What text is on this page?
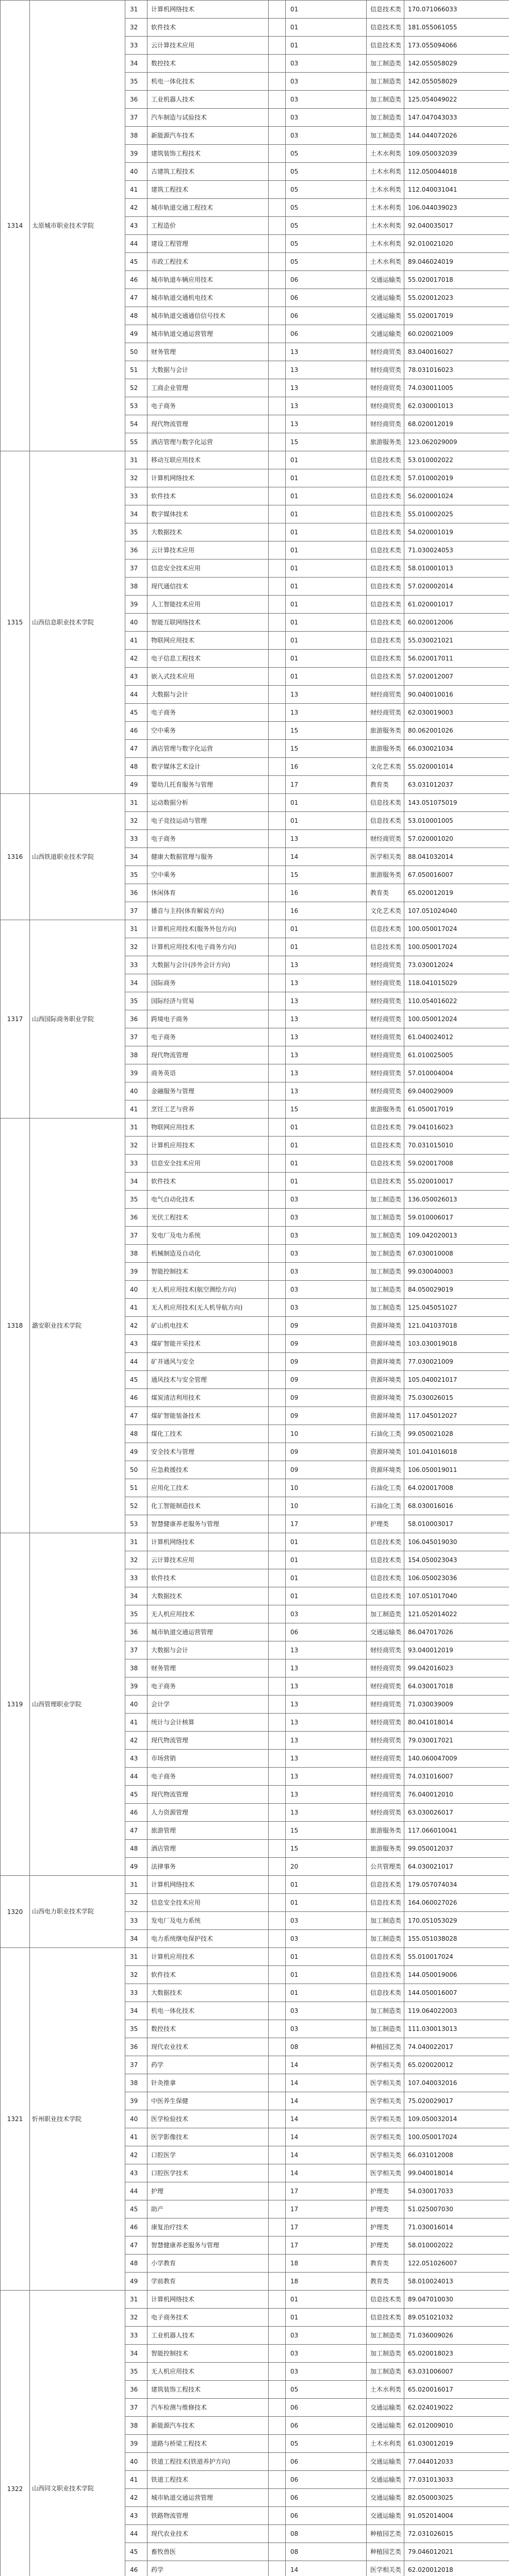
1314	太原城市职业技术学院	31	计算机网络技术		01	信息技术类	170.071066033
		32	软件技术		01	信息技术类	181.055061055
		33	云计算技术应用		01	信息技术类	173.055094066
		34	数控技术		03	加工制造类	142.055058029
		35	机电一体化技术		03	加工制造类	142.055058029
		36	工业机器人技术		03	加工制造类	125.054049022
		37	汽车制造与试验技术		03	加工制造类	147.047043033
		38	新能源汽车技术		03	加工制造类	144.044072026
		39	建筑装饰工程技术		05	土木水利类	109.050032039
		40	古建筑工程技术		05	土木水利类	112.050044018
		41	建筑工程技术		05	土木水利类	112.040031041
		42	城市轨道交通工程技术		05	土木水利类	106.044039023
		43	工程造价		05	土木水利类	92.040035017
		44	建设工程管理		05	土木水利类	92.010021020
		45	市政工程技术		05	土木水利类	89.046024019
		46	城市轨道车辆应用技术		06	交通运输类	55.020017018
		47	城市轨道交通机电技术		06	交通运输类	55.020012023
		48	城市轨道交通通信信号技术		06	交通运输类	55.020017019
		49	城市轨道交通运营管理		06	交通运输类	60.020021009
		50	财务管理		13	财经商贸类	83.040016027
		51	大数据与会计		13	财经商贸类	78.031016023
		52	工商企业管理		13	财经商贸类	74.030011005
		53	电子商务		13	财经商贸类	62.030001013
		54	现代物流管理		13	财经商贸类	68.020012019
		55	酒店管理与数字化运营		15	旅游服务类	123.062029009
1315	山西信息职业技术学院	31	移动互联应用技术		01	信息技术类	53.010002022
		32	计算机网络技术		01	信息技术类	57.010002019
		33	软件技术		01	信息技术类	56.020001024
		34	数字媒体技术		01	信息技术类	55.010002025
		35	大数据技术		01	信息技术类	54.020001019
		36	云计算技术应用		01	信息技术类	71.030024053
		37	信息安全技术应用		01	信息技术类	58.010001013
		38	现代通信技术		01	信息技术类	57.020002014
		39	人工智能技术应用		01	信息技术类	61.020001017
		40	智能互联网络技术		01	信息技术类	60.020012006
		41	物联网应用技术		01	信息技术类	55.030021021
		42	电子信息工程技术		01	信息技术类	56.020017011
		43	嵌入式技术应用		01	信息技术类	57.020012007
		44	大数据与会计		13	财经商贸类	90.040010016
		45	电子商务		13	财经商贸类	62.030019003
		46	空中乘务		15	旅游服务类	80.062001026
		47	酒店管理与数字化运营		15	旅游服务类	66.030021034
		48	数字媒体艺术设计		16	文化艺术类	55.020001014
		49	婴幼儿托育服务与管理		17	教育类	63.031012037
1316	山西铁道职业技术学院	31	运动数据分析		01	信息技术类	143.051075019
		32	电子竞技运动与管理		01	信息技术类	53.010001005
		33	电子商务		13	财经商贸类	57.020001020
		34	健康大数据管理与服务		14	医学相关类	88.041032014
		35	空中乘务		15	旅游服务类	67.050016007
		36	休闲体育		16	教育类	65.020012019
		37	播音与主持(体育解说方向)		16	文化艺术类	107.051024040
1317	山西国际商务职业学院	31	计算机应用技术(服务外包方向)		01	信息技术类	100.050017024
		32	计算机应用技术(电子商务方向)		01	信息技术类	100.050017024
		33	大数据与会计(涉外会计方向)		13	财经商贸类	73.030012024
		34	国际商务		13	财经商贸类	118.041015029
		35	国际经济与贸易		13	财经商贸类	110.054016022
		36	跨境电子商务		13	财经商贸类	100.050012024
		37	电子商务		13	财经商贸类	61.040024012
		38	现代物流管理		13	财经商贸类	61.010025005
		39	商务英语		13	财经商贸类	57.010004004
		40	金融服务与管理		13	财经商贸类	69.040029009
		41	烹饪工艺与营养		15	旅游服务类	61.050017019
1318	潞安职业技术学院	31	物联网应用技术		01	信息技术类	79.041016023
		32	计算机应用技术		01	信息技术类	70.031015010
		33	信息安全技术应用		01	信息技术类	59.020017008
		34	软件技术		01	信息技术类	55.020010017
		35	电气自动化技术		03	加工制造类	136.050026013
		36	光伏工程技术		03	加工制造类	59.010006017
		37	发电厂及电力系统		03	加工制造类	109.042020013
		38	机械制造及自动化		03	加工制造类	67.030010008
		39	智能控制技术		03	加工制造类	99.030040003
		40	无人机应用技术(航空测绘方向)		03	加工制造类	84.050029019
		41	无人机应用技术(无人机导航方向)		03	加工制造类	125.045051027
		42	矿山机电技术		09	资源环境类	121.041037018
		43	煤矿智能开采技术		09	资源环境类	103.030019018
		44	矿井通风与安全		09	资源环境类	77.030021009
		45	通风技术与安全管理		09	资源环境类	105.040021017
		46	煤炭清洁利用技术		09	资源环境类	75.030026015
		47	煤矿智能装备技术		09	资源环境类	117.045012027
		48	煤化工技术		10	石油化工类	99.050021028
		49	安全技术与管理		09	资源环境类	101.041016018
		50	应急救援技术		09	资源环境类	106.050019011
		51	应用化工技术		10	石油化工类	64.020017008
		52	化工智能制造技术		10	石油化工类	68.030016016
		53	智慧健康养老服务与管理		17	护理类	58.010003017
1319	山西管理职业学院	31	计算机网络技术		01	信息技术类	106.045019030
		32	云计算技术应用		01	信息技术类	154.050023043
		33	软件技术		01	信息技术类	106.050023036
		34	大数据技术		01	信息技术类	107.051017040
		35	无人机应用技术		03	加工制造类	121.052014022
		36	城市轨道交通运营管理		06	交通运输类	86.047017026
		37	大数据与会计		13	财经商贸类	93.040012019
		38	财务管理		13	财经商贸类	99.042016023
		39	电子商务		13	财经商贸类	64.030017018
		40	会计学		13	财经商贸类	71.030039009
		41	统计与会计核算		13	财经商贸类	80.041018014
		42	现代物流管理		13	财经商贸类	79.030017021
		43	市场营销		13	财经商贸类	140.060047009
		44	电子商务		13	财经商贸类	74.031016007
		45	现代物流管理		13	财经商贸类	76.040012010
		46	人力资源管理		13	财经商贸类	63.030026017
		47	旅游管理		15	旅游服务类	117.066010041
		48	酒店管理		15	旅游服务类	99.050012037
		49	法律事务		20	公共管理类	64.030021017
1320	山西电力职业技术学院	31	计算机网络技术		01	信息技术类	179.057074034
		32	信息安全技术应用		01	信息技术类	164.060027026
		33	发电厂及电力系统		03	加工制造类	170.051053029
		34	电力系统继电保护技术		03	加工制造类	155.051038028
1321	忻州职业技术学院	31	计算机应用技术		01	信息技术类	55.010017024
		32	软件技术		01	信息技术类	144.050019006
		33	大数据技术		01	信息技术类	144.050016007
		34	机电一体化技术		03	加工制造类	119.064022003
		35	数控技术		03	加工制造类	111.030013013
		36	现代农业技术		08	种植园艺类	74.040022017
		37	药学		14	医学相关类	65.020020012
		38	针灸推拿		14	医学相关类	107.040032016
		39	中医养生保健		14	医学相关类	75.020029017
		40	医学检验技术		14	医学相关类	109.050032014
		41	医学影像技术		14	医学相关类	100.050017024
		42	口腔医学		14	医学相关类	66.031012008
		43	口腔医学技术		14	医学相关类	99.040018014
		44	护理		17	护理类	54.030017033
		45	助产		17	护理类	51.025007030
		46	康复治疗技术		17	护理类	71.030016014
		47	智慧健康养老服务与管理		17	护理类	58.010002022
		48	小学教育		18	教育类	122.051026007
		49	学前教育		18	教育类	58.010024013
1322	山西同文职业技术学院	31	计算机网络技术		01	信息技术类	89.047010030
		32	电子商务技术		01	信息技术类	89.051021032
		33	工业机器人技术		03	加工制造类	71.036009026
		34	智能控制技术		03	加工制造类	65.020018023
		35	无人机应用技术		03	加工制造类	63.031006007
		36	建筑装饰工程技术		05	土木水利类	65.020016017
		37	汽车检测与维修技术		06	交通运输类	62.024019022
		38	新能源汽车技术		06	交通运输类	62.012009010
		39	道路与桥梁工程技术		05	土木水利类	61.030012019
		40	铁道工程技术(铁道养护方向)		06	交通运输类	77.044012033
		41	铁道工程技术		06	交通运输类	77.031013033
		42	城市轨道交通运营管理		06	交通运输类	82.050003025
		43	铁路物流管理		06	交通运输类	91.052014004
		44	现代农业技术		08	种植园艺类	72.031026015
		45	畜牧兽医		08	种植园艺类	79.046012021
		46	药学		14	医学相关类	62.020012018
